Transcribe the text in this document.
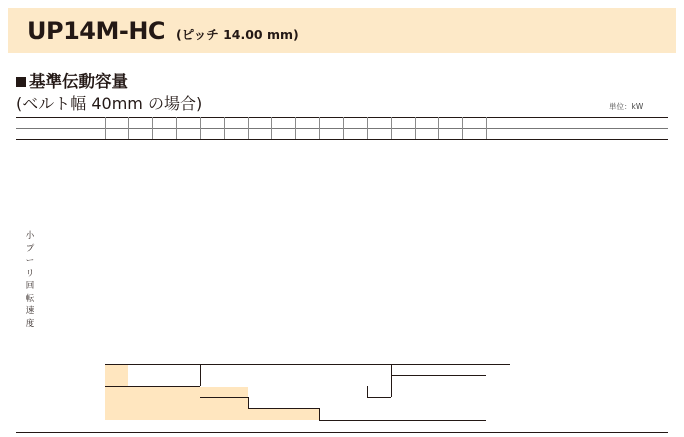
UP14M-HC (ピッチ 14.00 mm)
基準伝動容量
(ベルト幅 40mm の場合)	単位：kW
小
プ
ー
リ
回
転
速
度
